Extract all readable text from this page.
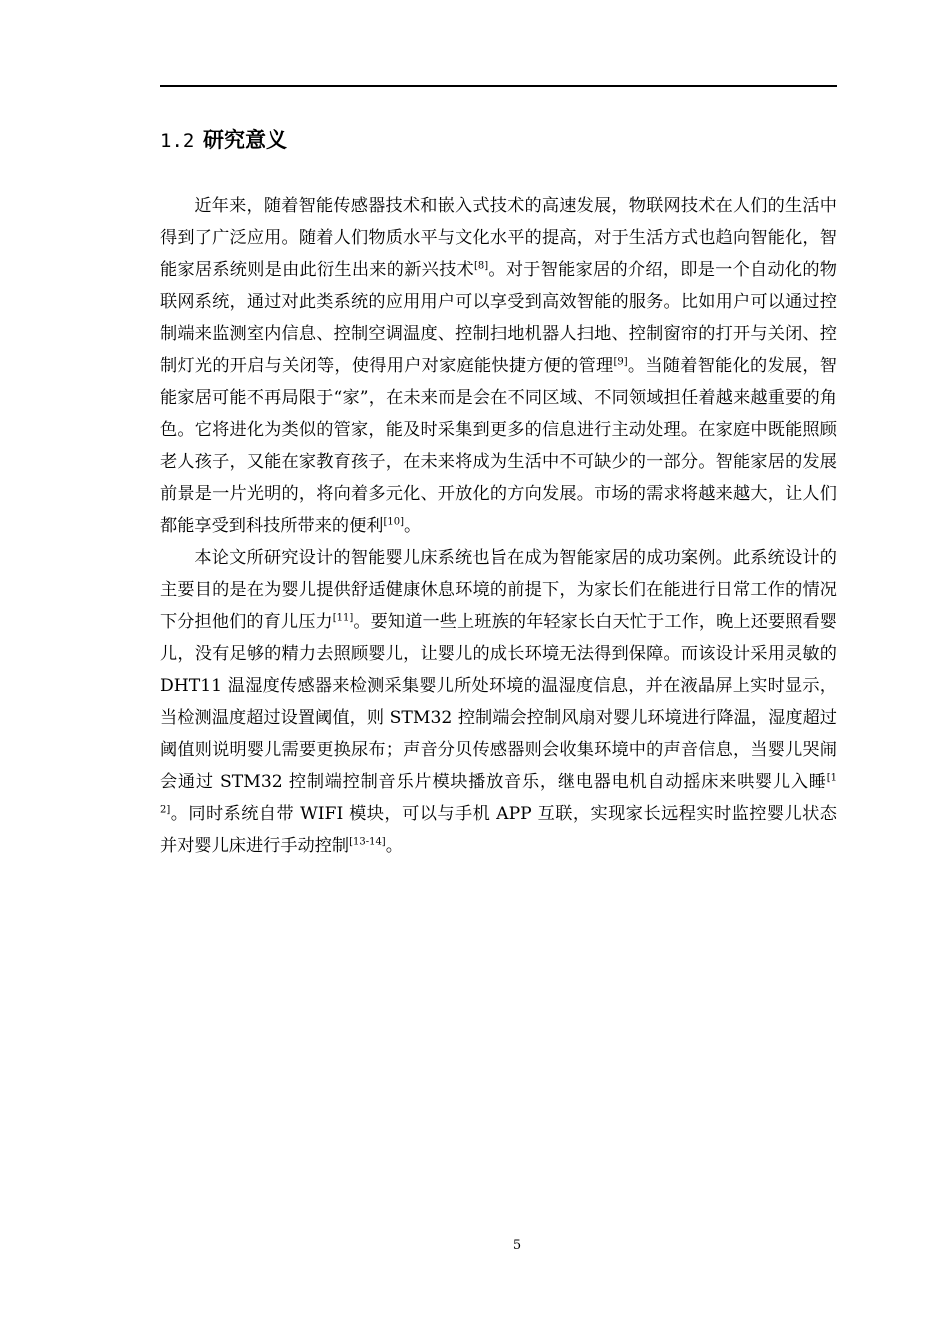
1.2 研究意义

近年来，随着智能传感器技术和嵌入式技术的高速发展，物联网技术在人们的生活中得到了广泛应用。随着人们物质水平与文化水平的提高，对于生活方式也趋向智能化，智能家居系统则是由此衍生出来的新兴技术[8]。对于智能家居的介绍，即是一个自动化的物联网系统，通过对此类系统的应用用户可以享受到高效智能的服务。比如用户可以通过控制端来监测室内信息、控制空调温度、控制扫地机器人扫地、控制窗帘的打开与关闭、控制灯光的开启与关闭等，使得用户对家庭能快捷方便的管理[9]。当随着智能化的发展，智能家居可能不再局限于“家”，在未来而是会在不同区域、不同领域担任着越来越重要的角色。它将进化为类似的管家，能及时采集到更多的信息进行主动处理。在家庭中既能照顾老人孩子，又能在家教育孩子，在未来将成为生活中不可缺少的一部分。智能家居的发展前景是一片光明的，将向着多元化、开放化的方向发展。市场的需求将越来越大，让人们都能享受到科技所带来的便利[10]。

本论文所研究设计的智能婴儿床系统也旨在成为智能家居的成功案例。此系统设计的主要目的是在为婴儿提供舒适健康休息环境的前提下，为家长们在能进行日常工作的情况下分担他们的育儿压力[11]。要知道一些上班族的年轻家长白天忙于工作，晚上还要照看婴儿，没有足够的精力去照顾婴儿，让婴儿的成长环境无法得到保障。而该设计采用灵敏的 DHT11 温湿度传感器来检测采集婴儿所处环境的温湿度信息，并在液晶屏上实时显示，当检测温度超过设置阈值，则 STM32 控制端会控制风扇对婴儿环境进行降温，湿度超过阈值则说明婴儿需要更换尿布；声音分贝传感器则会收集环境中的声音信息，当婴儿哭闹会通过 STM32 控制端控制音乐片模块播放音乐，继电器电机自动摇床来哄婴儿入睡[12]。同时系统自带 WIFI 模块，可以与手机 APP 互联，实现家长远程实时监控婴儿状态并对婴儿床进行手动控制[13-14]。

5
